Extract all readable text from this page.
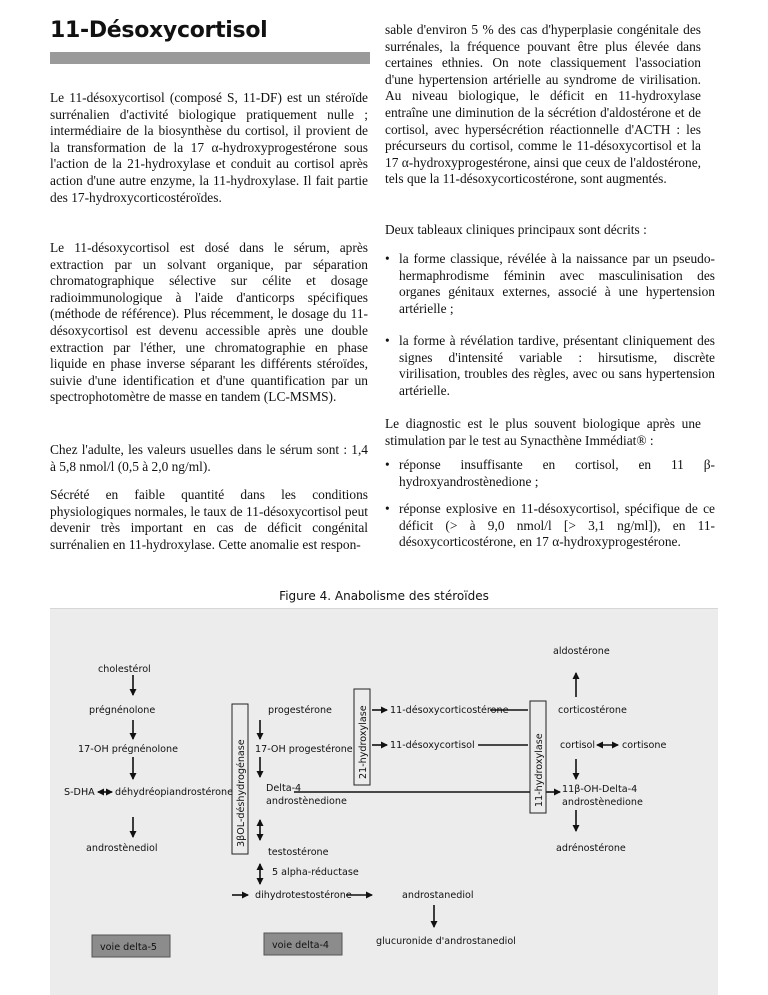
11-Désoxycortisol

Le 11-désoxycortisol (composé S, 11-DF) est un stéroïde surrénalien d'activité biologique pratiquement nulle ; intermédiaire de la biosynthèse du cortisol, il provient de la transformation de la 17 α-hydroxyprogestérone sous l'action de la 21-hydroxylase et conduit au cortisol après action d'une autre enzyme, la 11-hydroxylase. Il fait partie des 17-hydroxycorticostéroïdes.

Le 11-désoxycortisol est dosé dans le sérum, après extraction par un solvant organique, par séparation chromatographique sélective sur célite et dosage radioimmunologique à l'aide d'anticorps spécifiques (méthode de référence). Plus récemment, le dosage du 11-désoxycortisol est devenu accessible après une double extraction par l'éther, une chromatographie en phase liquide en phase inverse séparant les différents stéroïdes, suivie d'une identification et d'une quantification par un spectrophotomètre de masse en tandem (LC-MSMS).

Chez l'adulte, les valeurs usuelles dans le sérum sont : 1,4 à 5,8 nmol/l (0,5 à 2,0 ng/ml).

Sécrété en faible quantité dans les conditions physiologiques normales, le taux de 11-désoxycortisol peut devenir très important en cas de déficit congénital surrénalien en 11-hydroxylase. Cette anomalie est respon-

sable d'environ 5 % des cas d'hyperplasie congénitale des surrénales, la fréquence pouvant être plus élevée dans certaines ethnies. On note classiquement l'association d'une hypertension artérielle au syndrome de virilisation. Au niveau biologique, le déficit en 11-hydroxylase entraîne une diminution de la sécrétion d'aldostérone et de cortisol, avec hypersécrétion réactionnelle d'ACTH : les précurseurs du cortisol, comme le 11-désoxycortisol et la 17 α-hydroxyprogestérone, ainsi que ceux de l'aldostérone, tels que la 11-désoxycorticostérone, sont augmentés.

Deux tableaux cliniques principaux sont décrits :

• la forme classique, révélée à la naissance par un pseudo-hermaphrodisme féminin avec masculinisation des organes génitaux externes, associé à une hypertension artérielle ;

• la forme à révélation tardive, présentant cliniquement des signes d'intensité variable : hirsutisme, discrète virilisation, troubles des règles, avec ou sans hypertension artérielle.

Le diagnostic est le plus souvent biologique après une stimulation par le test au Synacthène Immédiat® :

• réponse insuffisante en cortisol, en 11 β-hydroxyandrostènedione ;

• réponse explosive en 11-désoxycortisol, spécifique de ce déficit (> à 9,0 nmol/l [> 3,1 ng/ml]), en 11-désoxycorticostérone, en 17 α-hydroxyprogestérone.

Figure 4. Anabolisme des stéroïdes

3βOL-déshydrogénase	21-hydroxylase	11-hydroxylase
cholestérol
prégnénolone
17-OH prégnénolone
S-DHA déhydréopiandrostérone
androstènediol
progestérone
17-OH progestérone
Delta-4
androstènedione
testostérone
5 alpha-réductase
dihydrotestostérone
11-désoxycorticostérone
11-désoxycortisol
androstanediol
glucuronide d'androstanediol
aldostérone
corticostérone
cortisol	cortisone
11β-OH-Delta-4
androstènedione
adrénostérone
voie delta-5	voie delta-4
